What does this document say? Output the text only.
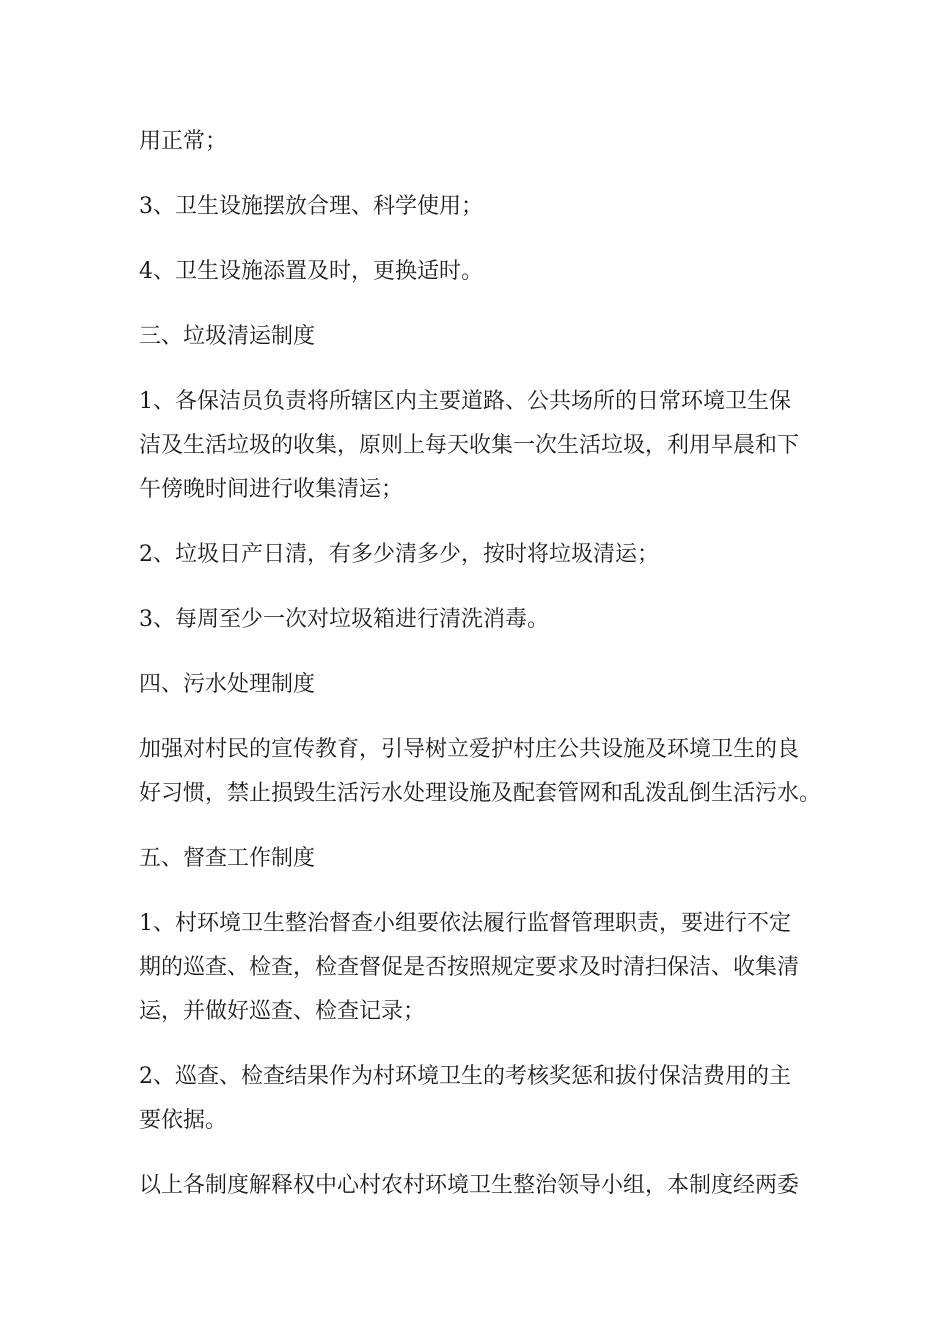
用正常；

3、卫生设施摆放合理、科学使用；

4、卫生设施添置及时，更换适时。

三、垃圾清运制度

1、各保洁员负责将所辖区内主要道路、公共场所的日常环境卫生保
洁及生活垃圾的收集，原则上每天收集一次生活垃圾，利用早晨和下
午傍晚时间进行收集清运；

2、垃圾日产日清，有多少清多少，按时将垃圾清运；

3、每周至少一次对垃圾箱进行清洗消毒。

四、污水处理制度

加强对村民的宣传教育，引导树立爱护村庄公共设施及环境卫生的良
好习惯，禁止损毁生活污水处理设施及配套管网和乱泼乱倒生活污水。

五、督查工作制度

1、村环境卫生整治督查小组要依法履行监督管理职责，要进行不定
期的巡查、检查，检查督促是否按照规定要求及时清扫保洁、收集清
运，并做好巡查、检查记录；

2、巡查、检查结果作为村环境卫生的考核奖惩和拔付保洁费用的主
要依据。

以上各制度解释权中心村农村环境卫生整治领导小组，本制度经两委
